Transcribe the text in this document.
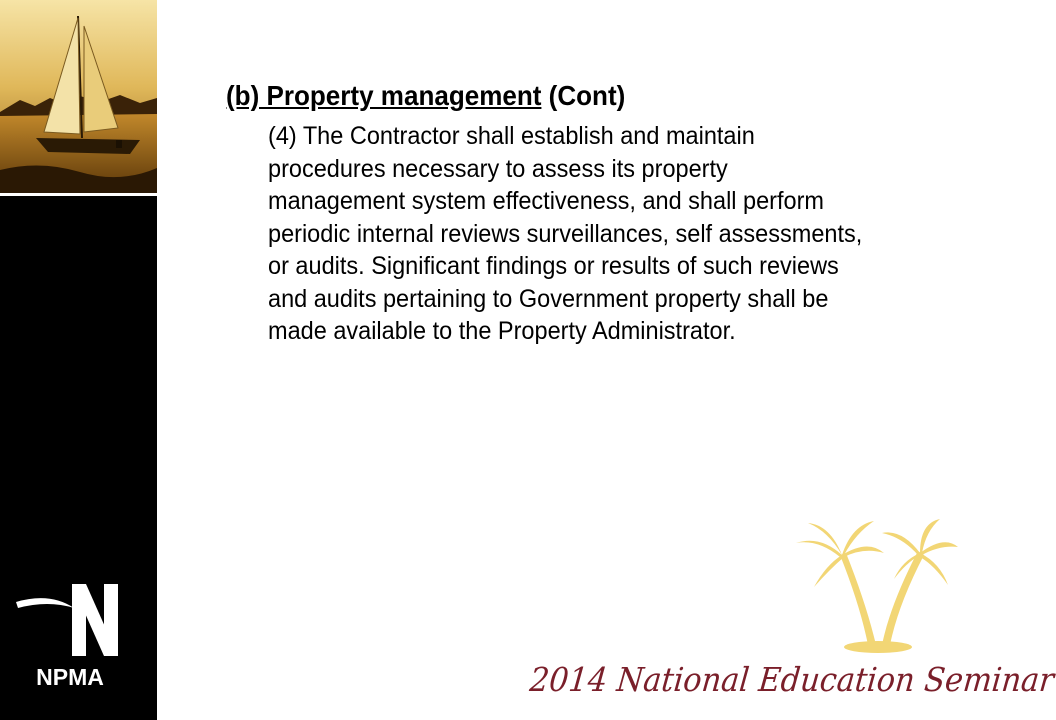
NPMA
(b) Property management (Cont)

(4) The Contractor shall establish and maintain procedures necessary to assess its property management system effectiveness, and shall perform periodic internal reviews surveillances, self assessments, or audits. Significant findings or results of such reviews and audits pertaining to Government property shall be made available to the Property Administrator.

2014 National Education Seminar
